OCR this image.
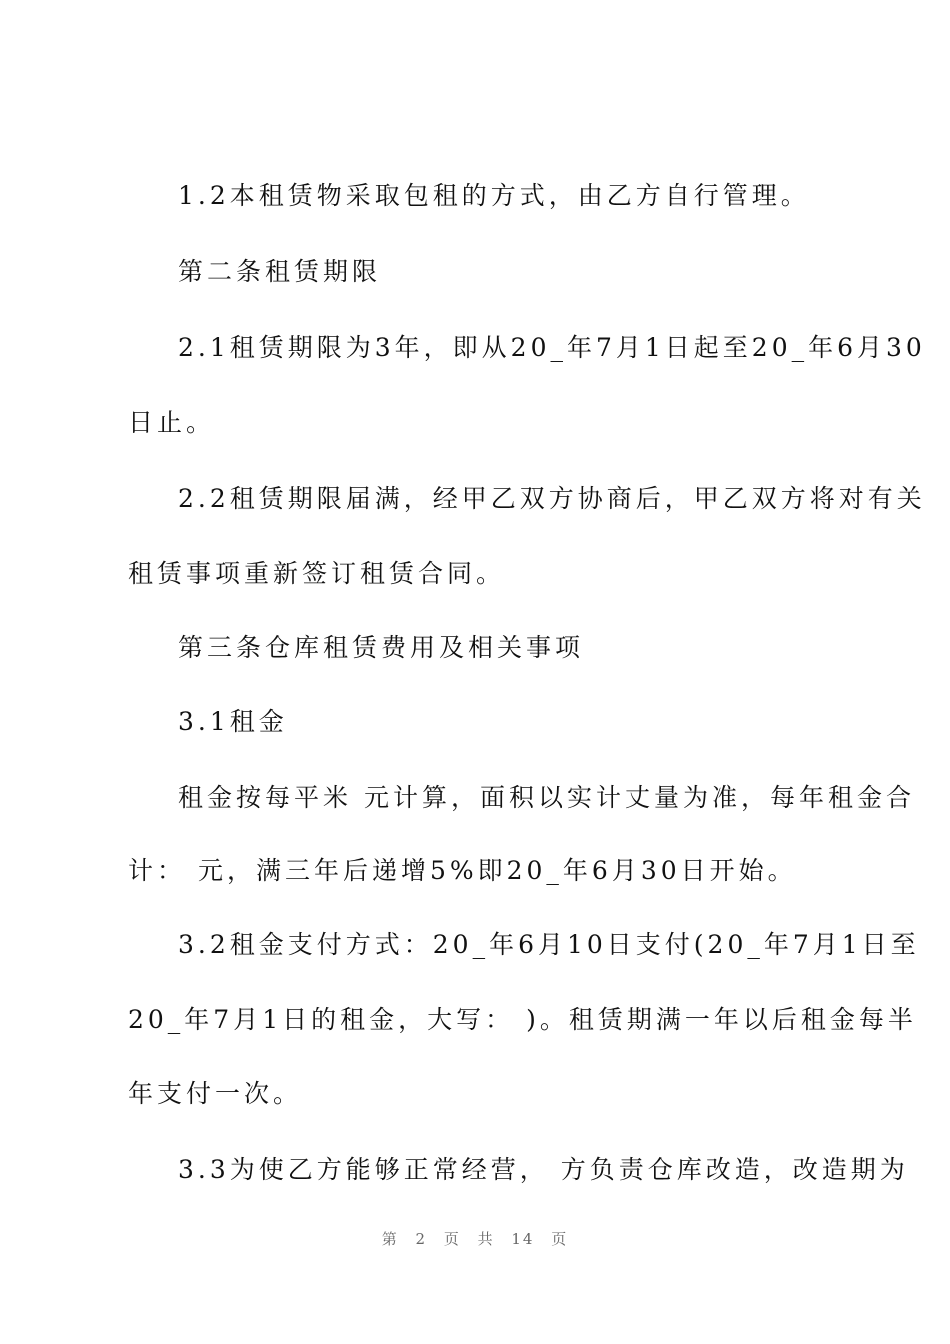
1.2本租赁物采取包租的方式，由乙方自行管理。
第二条租赁期限
2.1租赁期限为3年，即从20_年7月1日起至20_年6月30
日止。
2.2租赁期限届满，经甲乙双方协商后，甲乙双方将对有关
租赁事项重新签订租赁合同。
第三条仓库租赁费用及相关事项
3.1租金
租金按每平米 元计算，面积以实计丈量为准，每年租金合
计： 元，满三年后递增5%即20_年6月30日开始。
3.2租金支付方式：20_年6月10日支付(20_年7月1日至
20_年7月1日的租金，大写： )。租赁期满一年以后租金每半
年支付一次。
3.3为使乙方能够正常经营， 方负责仓库改造，改造期为
第 2 页 共 14 页
